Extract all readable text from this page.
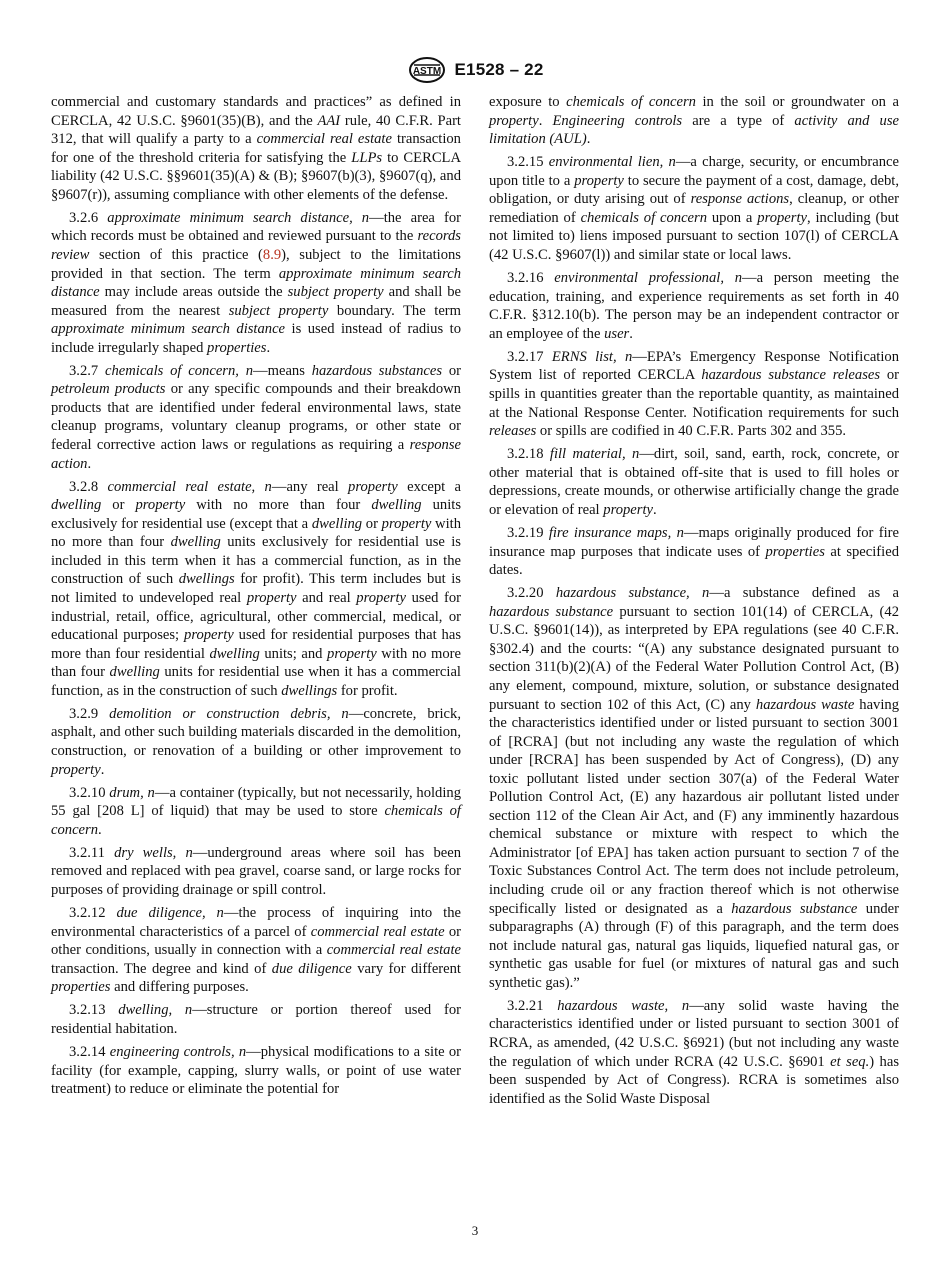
ASTM E1528 – 22

commercial and customary standards and practices” as defined in CERCLA, 42 U.S.C. §9601(35)(B), and the AAI rule, 40 C.F.R. Part 312, that will qualify a party to a commercial real estate transaction for one of the threshold criteria for satisfying the LLPs to CERCLA liability (42 U.S.C. §§9601(35)(A) & (B); §9607(b)(3), §9607(q), and §9607(r)), assuming compliance with other elements of the defense.

3.2.6 approximate minimum search distance, n—the area for which records must be obtained and reviewed pursuant to the records review section of this practice (8.9), subject to the limitations provided in that section. The term approximate minimum search distance may include areas outside the subject property and shall be measured from the nearest subject property boundary. The term approximate minimum search distance is used instead of radius to include irregularly shaped properties.

3.2.7 chemicals of concern, n—means hazardous substances or petroleum products or any specific compounds and their breakdown products that are identified under federal environmental laws, state cleanup programs, voluntary cleanup programs, or other state or federal corrective action laws or regulations as requiring a response action.

3.2.8 commercial real estate, n—any real property except a dwelling or property with no more than four dwelling units exclusively for residential use (except that a dwelling or property with no more than four dwelling units exclusively for residential use is included in this term when it has a commercial function, as in the construction of such dwellings for profit). This term includes but is not limited to undeveloped real property and real property used for industrial, retail, office, agricultural, other commercial, medical, or educational purposes; property used for residential purposes that has more than four residential dwelling units; and property with no more than four dwelling units for residential use when it has a commercial function, as in the construction of such dwellings for profit.

3.2.9 demolition or construction debris, n—concrete, brick, asphalt, and other such building materials discarded in the demolition, construction, or renovation of a building or other improvement to property.

3.2.10 drum, n—a container (typically, but not necessarily, holding 55 gal [208 L] of liquid) that may be used to store chemicals of concern.

3.2.11 dry wells, n—underground areas where soil has been removed and replaced with pea gravel, coarse sand, or large rocks for purposes of providing drainage or spill control.

3.2.12 due diligence, n—the process of inquiring into the environmental characteristics of a parcel of commercial real estate or other conditions, usually in connection with a commercial real estate transaction. The degree and kind of due diligence vary for different properties and differing purposes.

3.2.13 dwelling, n—structure or portion thereof used for residential habitation.

3.2.14 engineering controls, n—physical modifications to a site or facility (for example, capping, slurry walls, or point of use water treatment) to reduce or eliminate the potential for

exposure to chemicals of concern in the soil or groundwater on a property. Engineering controls are a type of activity and use limitation (AUL).

3.2.15 environmental lien, n—a charge, security, or encumbrance upon title to a property to secure the payment of a cost, damage, debt, obligation, or duty arising out of response actions, cleanup, or other remediation of chemicals of concern upon a property, including (but not limited to) liens imposed pursuant to section 107(l) of CERCLA (42 U.S.C. §9607(l)) and similar state or local laws.

3.2.16 environmental professional, n—a person meeting the education, training, and experience requirements as set forth in 40 C.F.R. §312.10(b). The person may be an independent contractor or an employee of the user.

3.2.17 ERNS list, n—EPA’s Emergency Response Notification System list of reported CERCLA hazardous substance releases or spills in quantities greater than the reportable quantity, as maintained at the National Response Center. Notification requirements for such releases or spills are codified in 40 C.F.R. Parts 302 and 355.

3.2.18 fill material, n—dirt, soil, sand, earth, rock, concrete, or other material that is obtained off-site that is used to fill holes or depressions, create mounds, or otherwise artificially change the grade or elevation of real property.

3.2.19 fire insurance maps, n—maps originally produced for fire insurance map purposes that indicate uses of properties at specified dates.

3.2.20 hazardous substance, n—a substance defined as a hazardous substance pursuant to section 101(14) of CERCLA, (42 U.S.C. §9601(14)), as interpreted by EPA regulations (see 40 C.F.R. §302.4) and the courts: “(A) any substance designated pursuant to section 311(b)(2)(A) of the Federal Water Pollution Control Act, (B) any element, compound, mixture, solution, or substance designated pursuant to section 102 of this Act, (C) any hazardous waste having the characteristics identified under or listed pursuant to section 3001 of [RCRA] (but not including any waste the regulation of which under [RCRA] has been suspended by Act of Congress), (D) any toxic pollutant listed under section 307(a) of the Federal Water Pollution Control Act, (E) any hazardous air pollutant listed under section 112 of the Clean Air Act, and (F) any imminently hazardous chemical substance or mixture with respect to which the Administrator [of EPA] has taken action pursuant to section 7 of the Toxic Substances Control Act. The term does not include petroleum, including crude oil or any fraction thereof which is not otherwise specifically listed or designated as a hazardous substance under subparagraphs (A) through (F) of this paragraph, and the term does not include natural gas, natural gas liquids, liquefied natural gas, or synthetic gas usable for fuel (or mixtures of natural gas and such synthetic gas).”

3.2.21 hazardous waste, n—any solid waste having the characteristics identified under or listed pursuant to section 3001 of RCRA, as amended, (42 U.S.C. §6921) (but not including any waste the regulation of which under RCRA (42 U.S.C. §6901 et seq.) has been suspended by Act of Congress). RCRA is sometimes also identified as the Solid Waste Disposal

3
